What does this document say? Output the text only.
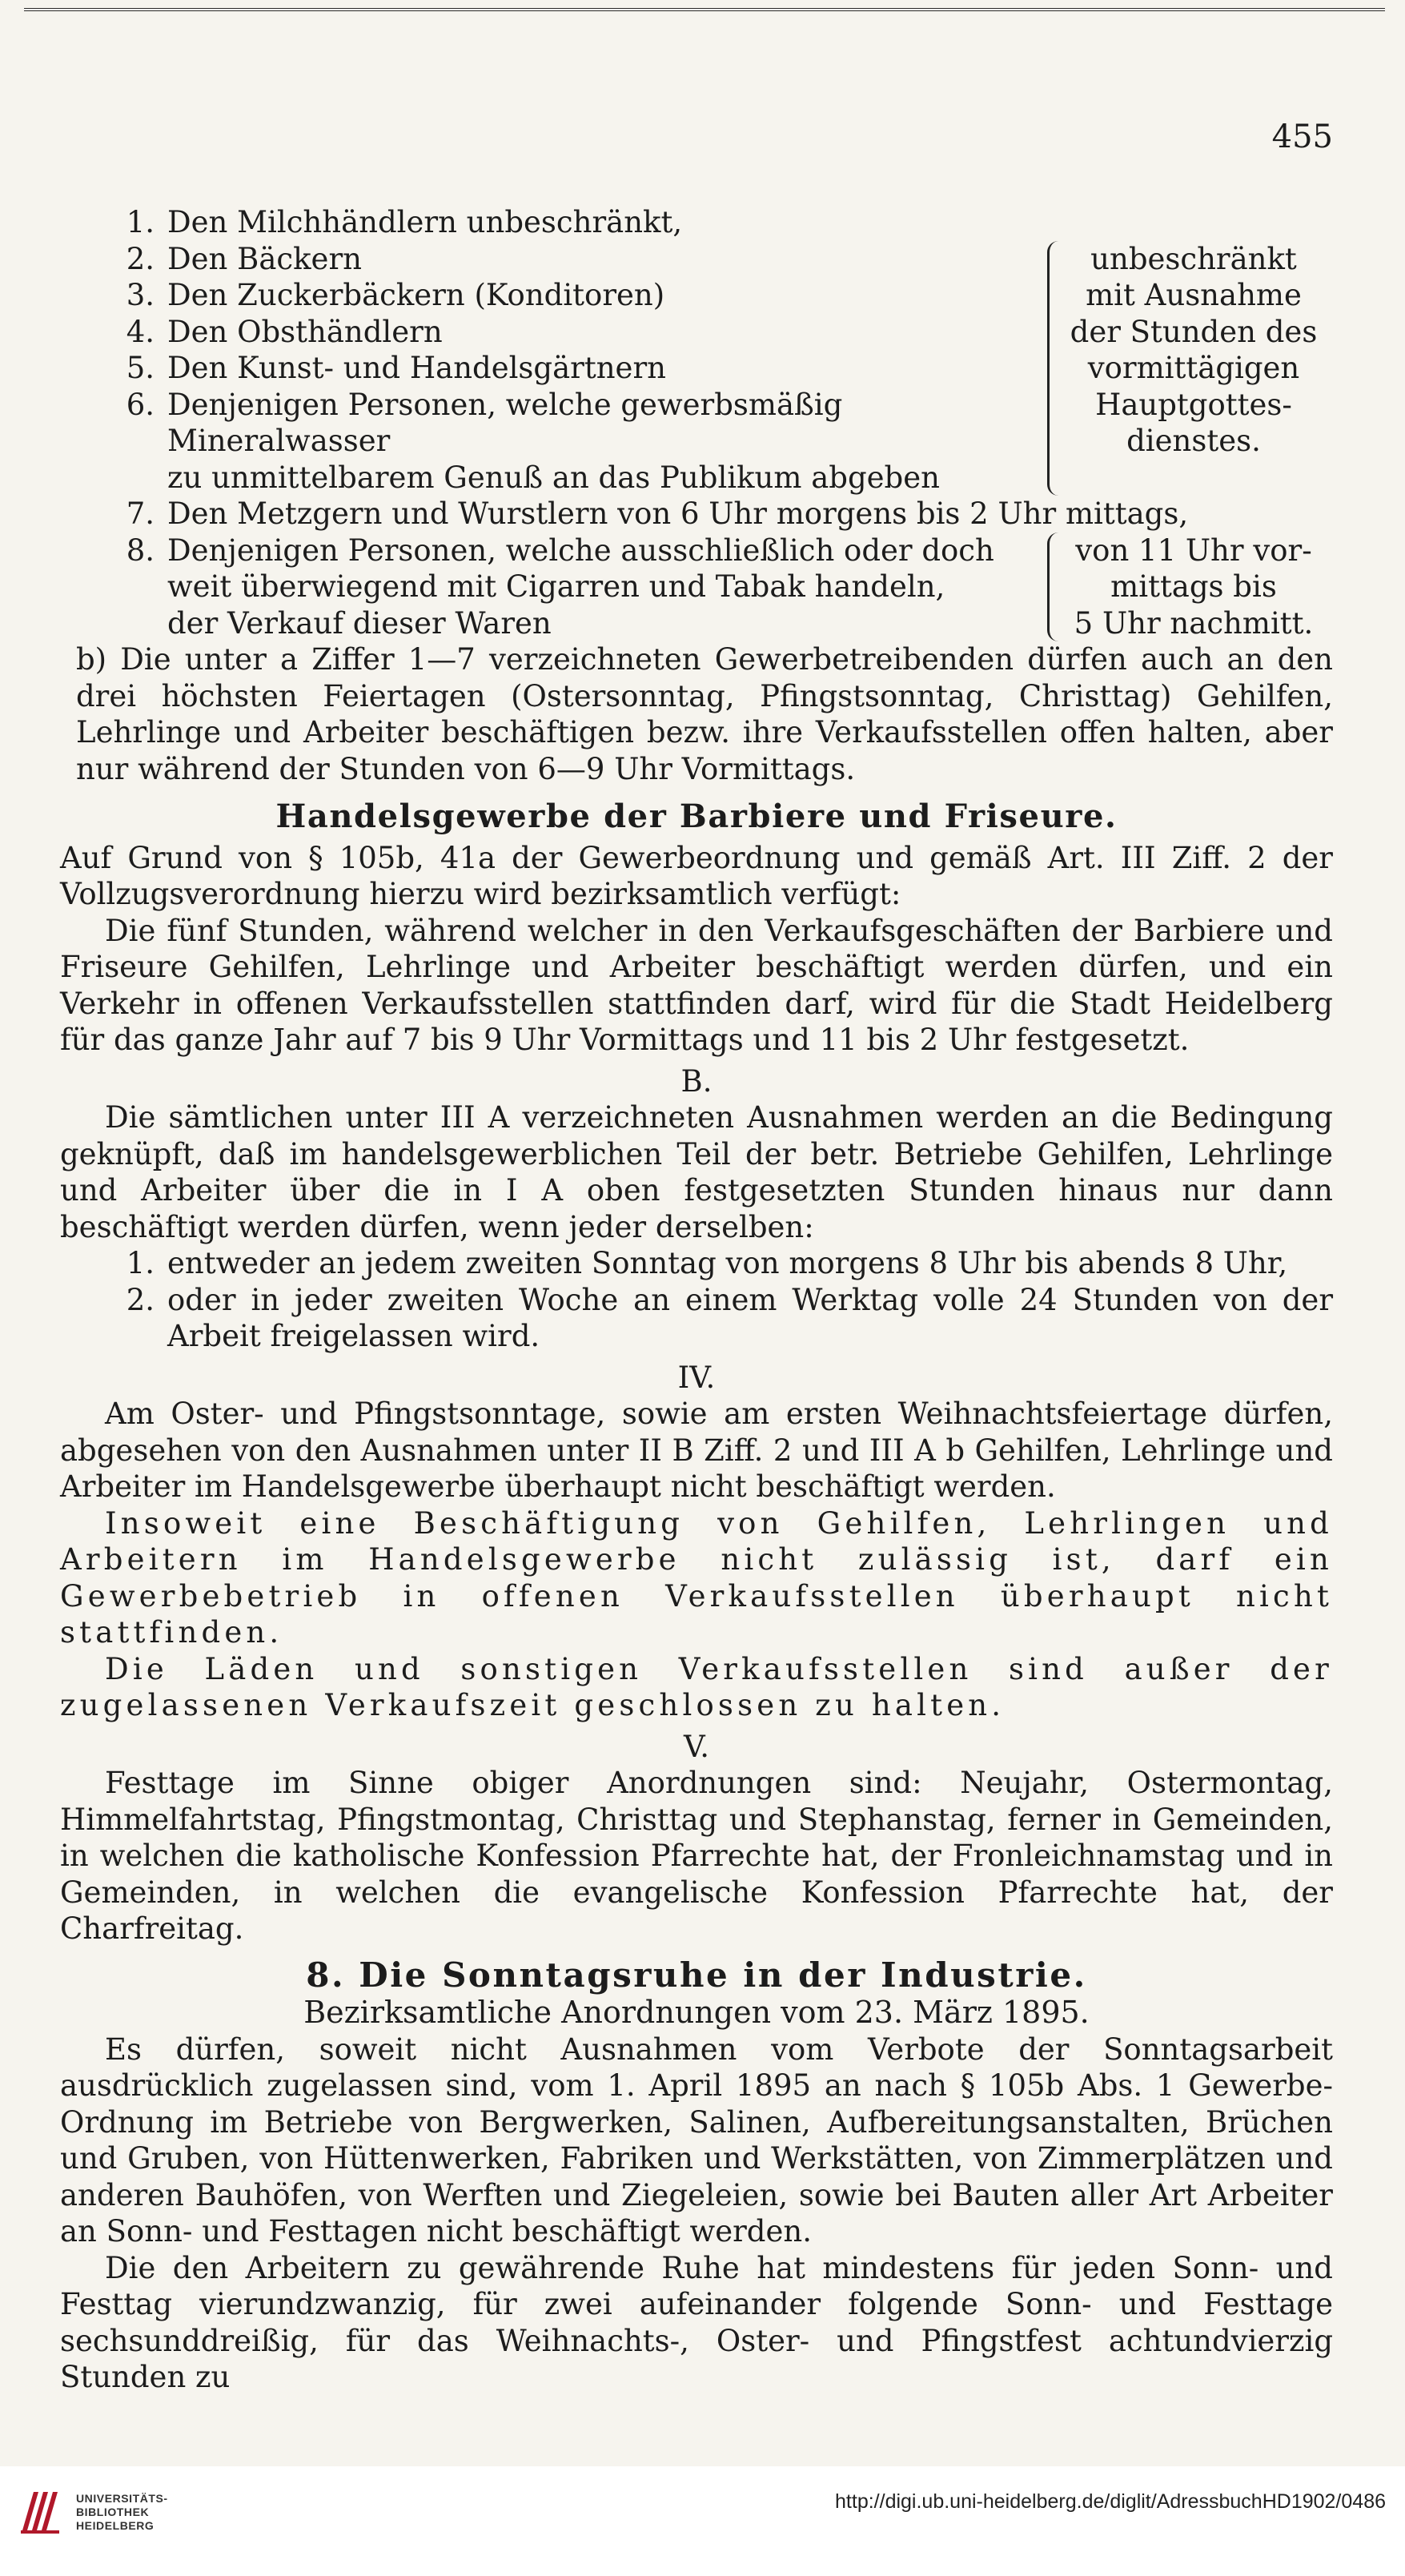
455
1. Den Milchhändlern unbeschränkt,
2. Den Bäckern
3. Den Zuckerbäckern (Konditoren)
4. Den Obsthändlern
5. Den Kunst- und Handelsgärtnern
6. Denjenigen Personen, welche gewerbsmäßig Mineralwasser
zu unmittelbarem Genuß an das Publikum abgeben
unbeschränkt
mit Ausnahme
der Stunden des
vormittägigen
Hauptgottes-
dienstes.
7. Den Metzgern und Wurstlern von 6 Uhr morgens bis 2 Uhr mittags,
8. Denjenigen Personen, welche ausschließlich oder doch
weit überwiegend mit Cigarren und Tabak handeln,
der Verkauf dieser Waren
von 11 Uhr vor-
mittags bis
5 Uhr nachmitt.

b) Die unter a Ziffer 1—7 verzeichneten Gewerbetreibenden dürfen auch an den drei höchsten Feiertagen (Ostersonntag, Pfingstsonntag, Christtag) Gehilfen, Lehrlinge und Arbeiter beschäftigen bezw. ihre Verkaufsstellen offen halten, aber nur während der Stunden von 6—9 Uhr Vormittags.

Handelsgewerbe der Barbiere und Friseure.

Auf Grund von § 105b, 41a der Gewerbeordnung und gemäß Art. III Ziff. 2 der Vollzugsverordnung hierzu wird bezirksamtlich verfügt:

Die fünf Stunden, während welcher in den Verkaufsgeschäften der Barbiere und Friseure Gehilfen, Lehrlinge und Arbeiter beschäftigt werden dürfen, und ein Verkehr in offenen Verkaufsstellen stattfinden darf, wird für die Stadt Heidelberg für das ganze Jahr auf 7 bis 9 Uhr Vormittags und 11 bis 2 Uhr festgesetzt.

B.

Die sämtlichen unter III A verzeichneten Ausnahmen werden an die Bedingung geknüpft, daß im handelsgewerblichen Teil der betr. Betriebe Gehilfen, Lehrlinge und Arbeiter über die in I A oben festgesetzten Stunden hinaus nur dann beschäftigt werden dürfen, wenn jeder derselben:

1. entweder an jedem zweiten Sonntag von morgens 8 Uhr bis abends 8 Uhr,
2. oder in jeder zweiten Woche an einem Werktag volle 24 Stunden von der Arbeit freigelassen wird.
IV.

Am Oster- und Pfingstsonntage, sowie am ersten Weihnachtsfeiertage dürfen, abgesehen von den Ausnahmen unter II B Ziff. 2 und III A b Gehilfen, Lehrlinge und Arbeiter im Handelsgewerbe überhaupt nicht beschäftigt werden.

Insoweit eine Beschäftigung von Gehilfen, Lehrlingen und Arbeitern im Handelsgewerbe nicht zulässig ist, darf ein Gewerbebetrieb in offenen Verkaufsstellen überhaupt nicht stattfinden.

Die Läden und sonstigen Verkaufsstellen sind außer der zugelassenen Verkaufszeit geschlossen zu halten.

V.

Festtage im Sinne obiger Anordnungen sind: Neujahr, Ostermontag, Himmelfahrtstag, Pfingstmontag, Christtag und Stephanstag, ferner in Gemeinden, in welchen die katholische Konfession Pfarrechte hat, der Fronleichnamstag und in Gemeinden, in welchen die evangelische Konfession Pfarrechte hat, der Charfreitag.

8. Die Sonntagsruhe in der Industrie.
Bezirksamtliche Anordnungen vom 23. März 1895.

Es dürfen, soweit nicht Ausnahmen vom Verbote der Sonntagsarbeit ausdrücklich zugelassen sind, vom 1. April 1895 an nach § 105b Abs. 1 Gewerbe-Ordnung im Betriebe von Bergwerken, Salinen, Aufbereitungsanstalten, Brüchen und Gruben, von Hüttenwerken, Fabriken und Werkstätten, von Zimmerplätzen und anderen Bauhöfen, von Werften und Ziegeleien, sowie bei Bauten aller Art Arbeiter an Sonn- und Festtagen nicht beschäftigt werden.

Die den Arbeitern zu gewährende Ruhe hat mindestens für jeden Sonn- und Festtag vierundzwanzig, für zwei aufeinander folgende Sonn- und Festtage sechsunddreißig, für das Weihnachts-, Oster- und Pfingstfest achtundvierzig Stunden zu

UNIVERSITÄTS-
BIBLIOTHEK
HEIDELBERG
http://digi.ub.uni-heidelberg.de/diglit/AdressbuchHD1902/0486
